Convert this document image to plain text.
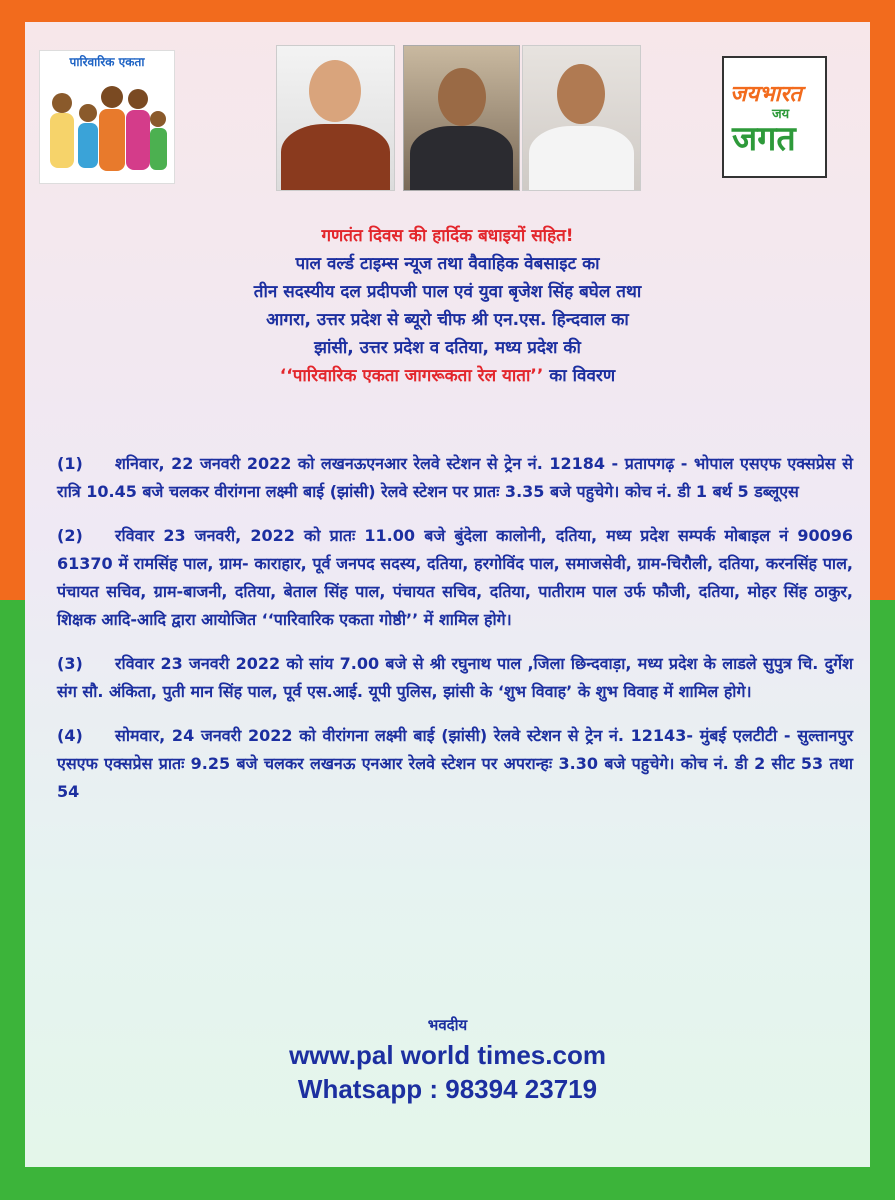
पारिवारिक एकता
जयभारत
जय
जगत
गणतंत दिवस की हार्दिक बधाइयों सहित!
पाल वर्ल्ड टाइम्स न्यूज तथा वैवाहिक वेबसाइट का
तीन सदस्यीय दल प्रदीपजी पाल एवं युवा बृजेश सिंह बघेल तथा
आगरा, उत्तर प्रदेश से ब्यूरो चीफ श्री एन.एस. हिन्दवाल का
झांसी, उत्तर प्रदेश व दतिया, मध्य प्रदेश की
‘‘पारिवारिक एकता जागरूकता रेल याता’’ का विवरण

(1) शनिवार, 22 जनवरी 2022 को लखनऊएनआर रेलवे स्टेशन से ट्रेन नं. 12184 - प्रतापगढ़ - भोपाल एसएफ एक्सप्रेस से रात्रि 10.45 बजे चलकर वीरांगना लक्ष्मी बाई (झांसी) रेलवे स्टेशन पर प्रातः 3.35 बजे पहुचेगे। कोच नं. डी 1 बर्थ 5 डब्लूएस

(2) रविवार 23 जनवरी, 2022 को प्रातः 11.00 बजे बुंदेला कालोनी, दतिया, मध्य प्रदेश सम्पर्क मोबाइल नं 90096 61370 में रामसिंह पाल, ग्राम- काराहार, पूर्व जनपद सदस्य, दतिया, हरगोविंद पाल, समाजसेवी, ग्राम-चिरौली, दतिया, करनसिंह पाल, पंचायत सचिव, ग्राम-बाजनी, दतिया, बेताल सिंह पाल, पंचायत सचिव, दतिया, पातीराम पाल उर्फ फौजी, दतिया, मोहर सिंह ठाकुर, शिक्षक आदि-आदि द्वारा आयोजित ‘‘पारिवारिक एकता गोष्ठी’’ में शामिल होगे।

(3) रविवार 23 जनवरी 2022 को सांय 7.00 बजे से श्री रघुनाथ पाल ,जिला छिन्दवाड़ा, मध्य प्रदेश के लाडले सुपुत्र चि. दुर्गेश संग सौ. अंकिता, पुती मान सिंह पाल, पूर्व एस.आई. यूपी पुलिस, झांसी के ‘शुभ विवाह’ के शुभ विवाह में शामिल होगे।

(4) सोमवार, 24 जनवरी 2022 को वीरांगना लक्ष्मी बाई (झांसी) रेलवे स्टेशन से ट्रेन नं. 12143- मुंबई एलटीटी - सुल्तानपुर एसएफ एक्सप्रेस प्रातः 9.25 बजे चलकर लखनऊ एनआर रेलवे स्टेशन पर अपरान्हः 3.30 बजे पहुचेगे। कोच नं. डी 2 सीट 53 तथा 54

भवदीय
www.pal world times.com
Whatsapp : 98394 23719
